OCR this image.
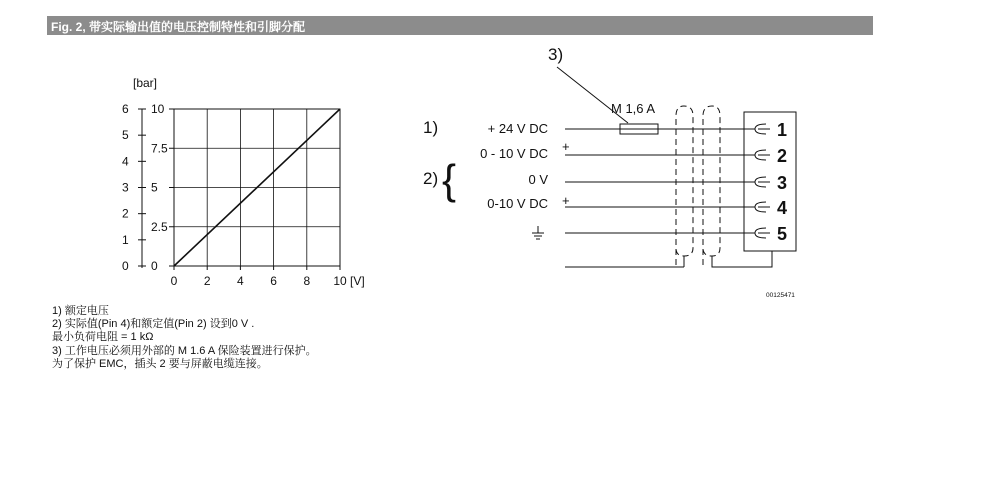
Fig. 2, 带实际输出值的电压控制特性和引脚分配
[bar]
0
1
2
3
4
5
6
0
2.5
5
7.5
10
0 2 4 6 8 10 [V]
3)
M 1,6 A
1)
2) {
+ 24 V DC
0 - 10 V DC
0 V
0-10 V DC
+
+
1
2
3
4
5
00125471
1) 额定电压
2) 实际值(Pin 4)和额定值(Pin 2) 设到0 V .
最小负荷电阻 = 1 kΩ
3) 工作电压必须用外部的 M 1.6 A 保险装置进行保护。
为了保护 EMC，插头 2 要与屏蔽电缆连接。
